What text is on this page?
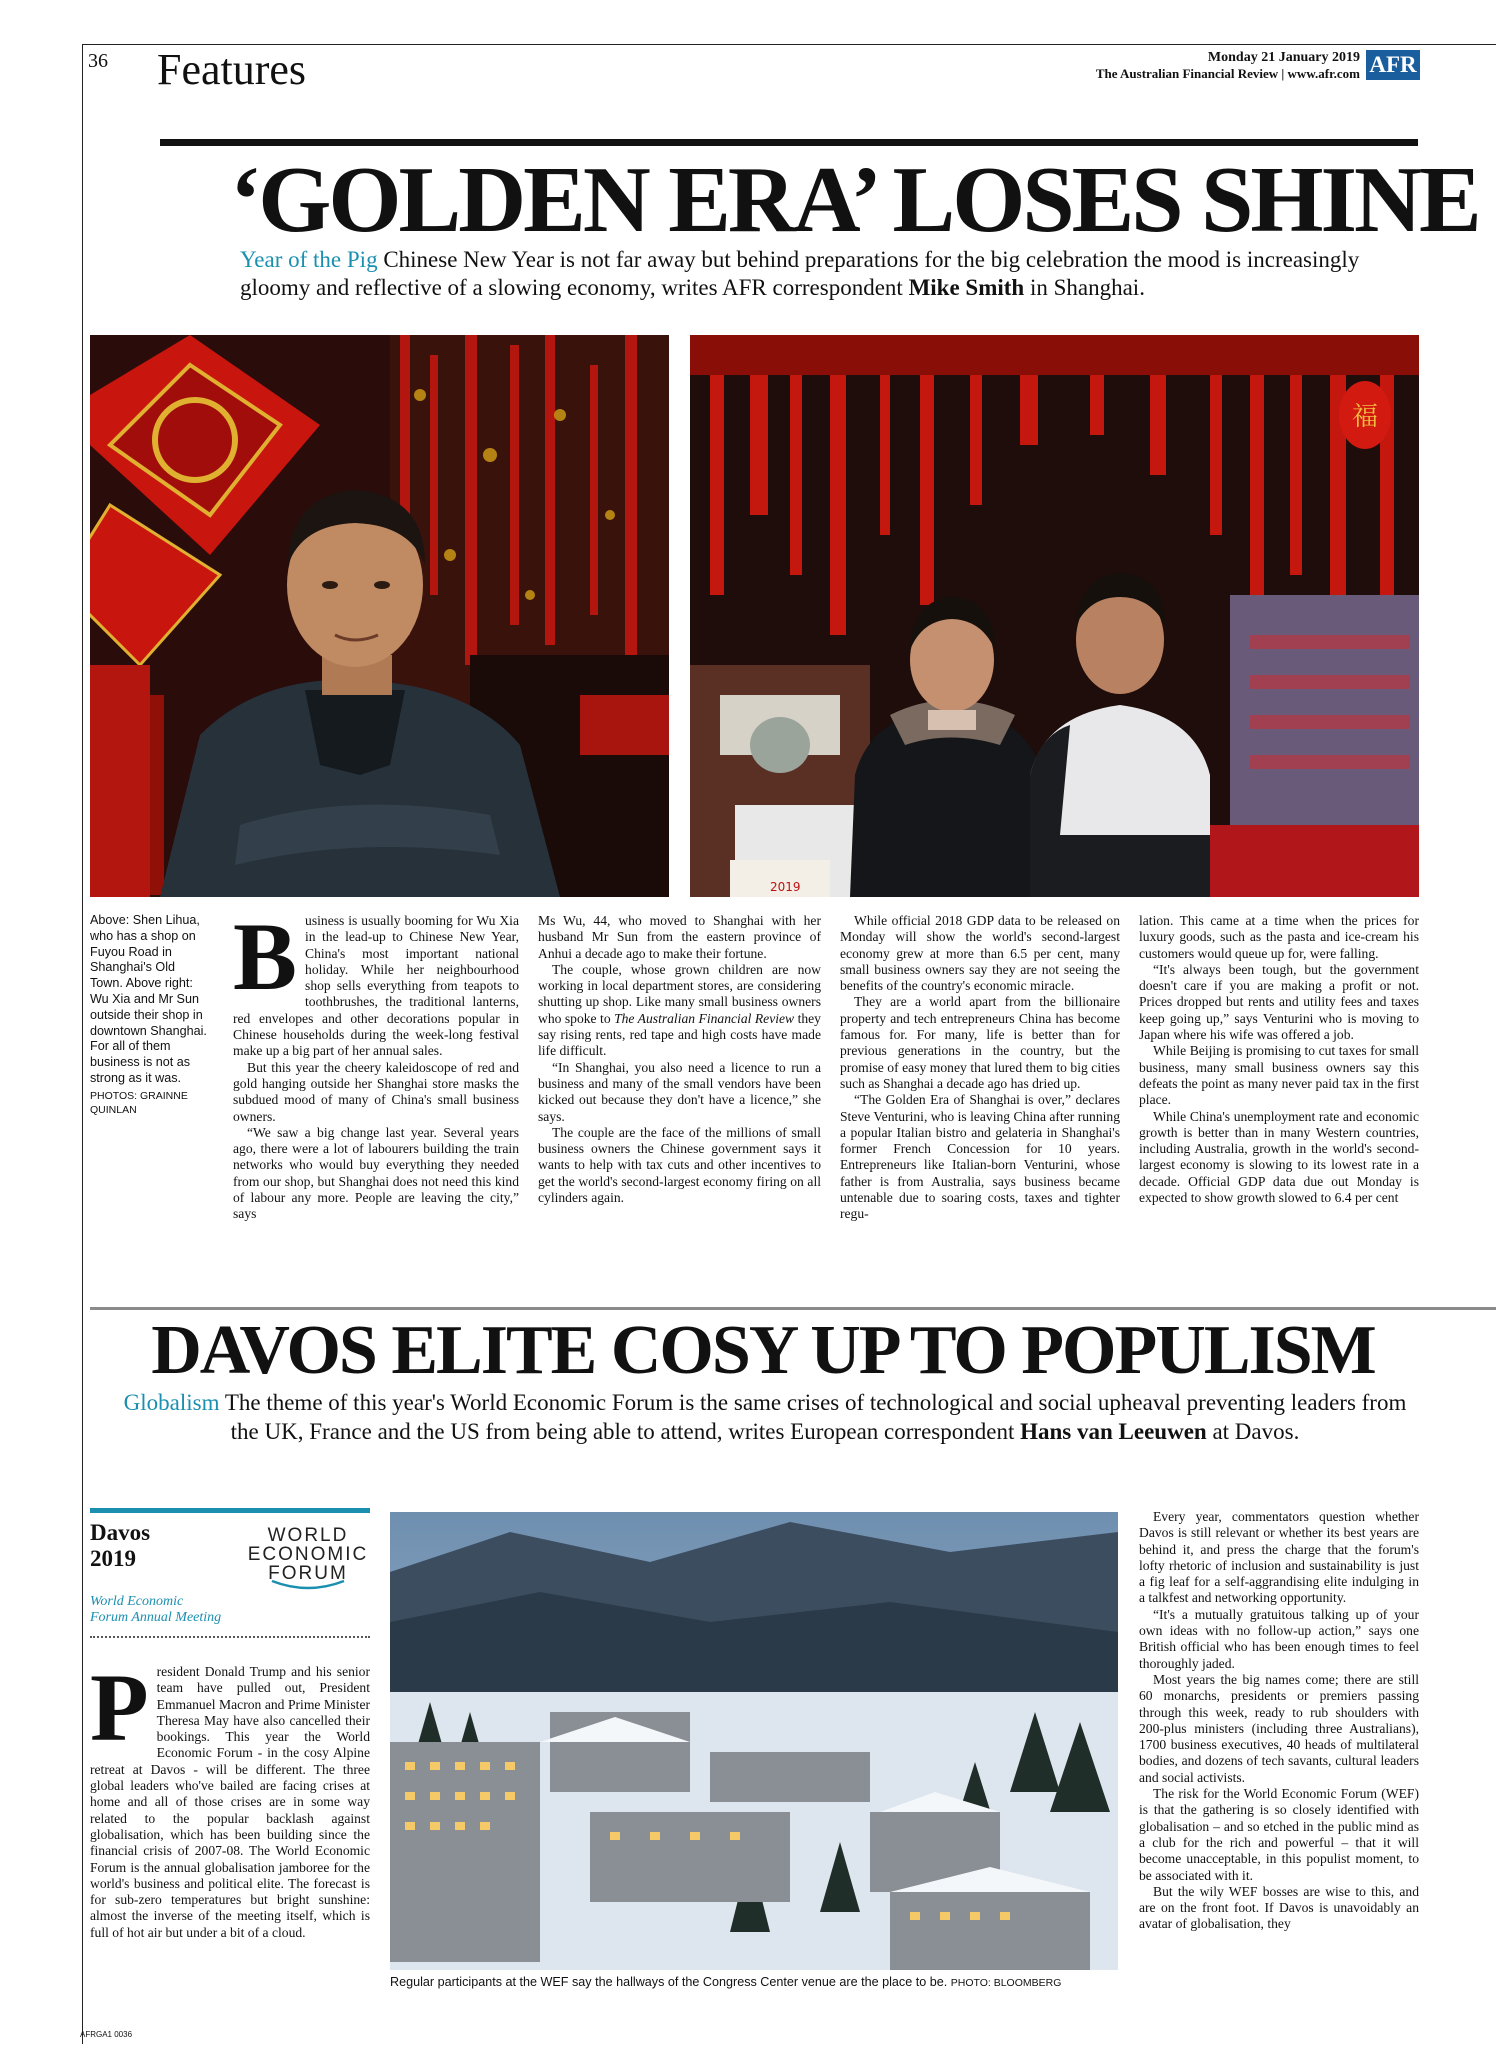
36 Features	Monday 21 January 2019
The Australian Financial Review | www.afr.com AFR
‘GOLDEN ERA’ LOSES SHINE
Year of the Pig Chinese New Year is not far away but behind preparations for the big celebration the mood is increasingly gloomy and reflective of a slowing economy, writes AFR correspondent Mike Smith in Shanghai.
福
2019
Above: Shen Lihua, who has a shop on Fuyou Road in Shanghai's Old Town. Above right: Wu Xia and Mr Sun outside their shop in downtown Shanghai. For all of them business is not as strong as it was.
PHOTOS: GRAINNE QUINLAN
B usiness is usually booming for Wu Xia in the lead-up to Chinese New Year, China's most important national holiday. While her neighbourhood shop sells everything from teapots to toothbrushes, the traditional lanterns, red envelopes and other decorations popular in Chinese households during the week-long festival make up a big part of her annual sales.

But this year the cheery kaleidoscope of red and gold hanging outside her Shanghai store masks the subdued mood of many of China's small business owners.

“We saw a big change last year. Several years ago, there were a lot of labourers building the train networks who would buy everything they needed from our shop, but Shanghai does not need this kind of labour any more. People are leaving the city,” says

Ms Wu, 44, who moved to Shanghai with her husband Mr Sun from the eastern province of Anhui a decade ago to make their fortune.

The couple, whose grown children are now working in local department stores, are considering shutting up shop. Like many small business owners who spoke to The Australian Financial Review they say rising rents, red tape and high costs have made life difficult.

“In Shanghai, you also need a licence to run a business and many of the small vendors have been kicked out because they don't have a licence,” she says.

The couple are the face of the millions of small business owners the Chinese government says it wants to help with tax cuts and other incentives to get the world's second-largest economy firing on all cylinders again.

While official 2018 GDP data to be released on Monday will show the world's second-largest economy grew at more than 6.5 per cent, many small business owners say they are not seeing the benefits of the country's economic miracle.

They are a world apart from the billionaire property and tech entrepreneurs China has become famous for. For many, life is better than for previous generations in the country, but the promise of easy money that lured them to big cities such as Shanghai a decade ago has dried up.

“The Golden Era of Shanghai is over,” declares Steve Venturini, who is leaving China after running a popular Italian bistro and gelateria in Shanghai's former French Concession for 10 years. Entrepreneurs like Italian-born Venturini, whose father is from Australia, says business became untenable due to soaring costs, taxes and tighter regu-

lation. This came at a time when the prices for luxury goods, such as the pasta and ice-cream his customers would queue up for, were falling.

“It's always been tough, but the government doesn't care if you are making a profit or not. Prices dropped but rents and utility fees and taxes keep going up,” says Venturini who is moving to Japan where his wife was offered a job.

While Beijing is promising to cut taxes for small business, many small business owners say this defeats the point as many never paid tax in the first place.

While China's unemployment rate and economic growth is better than in many Western countries, including Australia, growth in the world's second-largest economy is slowing to its lowest rate in a decade. Official GDP data due out Monday is expected to show growth slowed to 6.4 per cent

DAVOS ELITE COSY UP TO POPULISM
Globalism The theme of this year's World Economic Forum is the same crises of technological and social upheaval preventing leaders from the UK, France and the US from being able to attend, writes European correspondent Hans van Leeuwen at Davos.
Davos
2019
WORLD
ECONOMIC
FORUM
World Economic
Forum Annual Meeting
P resident Donald Trump and his senior team have pulled out, President Emmanuel Macron and Prime Minister Theresa May have also cancelled their bookings. This year the World Economic Forum - in the cosy Alpine retreat at Davos - will be different. The three global leaders who've bailed are facing crises at home and all of those crises are in some way related to the popular backlash against globalisation, which has been building since the financial crisis of 2007-08. The World Economic Forum is the annual globalisation jamboree for the world's business and political elite. The forecast is for sub-zero temperatures but bright sunshine: almost the inverse of the meeting itself, which is full of hot air but under a bit of a cloud.

Regular participants at the WEF say the hallways of the Congress Center venue are the place to be. PHOTO: BLOOMBERG

Every year, commentators question whether Davos is still relevant or whether its best years are behind it, and press the charge that the forum's lofty rhetoric of inclusion and sustainability is just a fig leaf for a self-aggrandising elite indulging in a talkfest and networking opportunity.

“It's a mutually gratuitous talking up of your own ideas with no follow-up action,” says one British official who has been enough times to feel thoroughly jaded.

Most years the big names come; there are still 60 monarchs, presidents or premiers passing through this week, ready to rub shoulders with 200-plus ministers (including three Australians), 1700 business executives, 40 heads of multilateral bodies, and dozens of tech savants, cultural leaders and social activists.

The risk for the World Economic Forum (WEF) is that the gathering is so closely identified with globalisation – and so etched in the public mind as a club for the rich and powerful – that it will become unacceptable, in this populist moment, to be associated with it.

But the wily WEF bosses are wise to this, and are on the front foot. If Davos is unavoidably an avatar of globalisation, they

AFRGA1 0036
